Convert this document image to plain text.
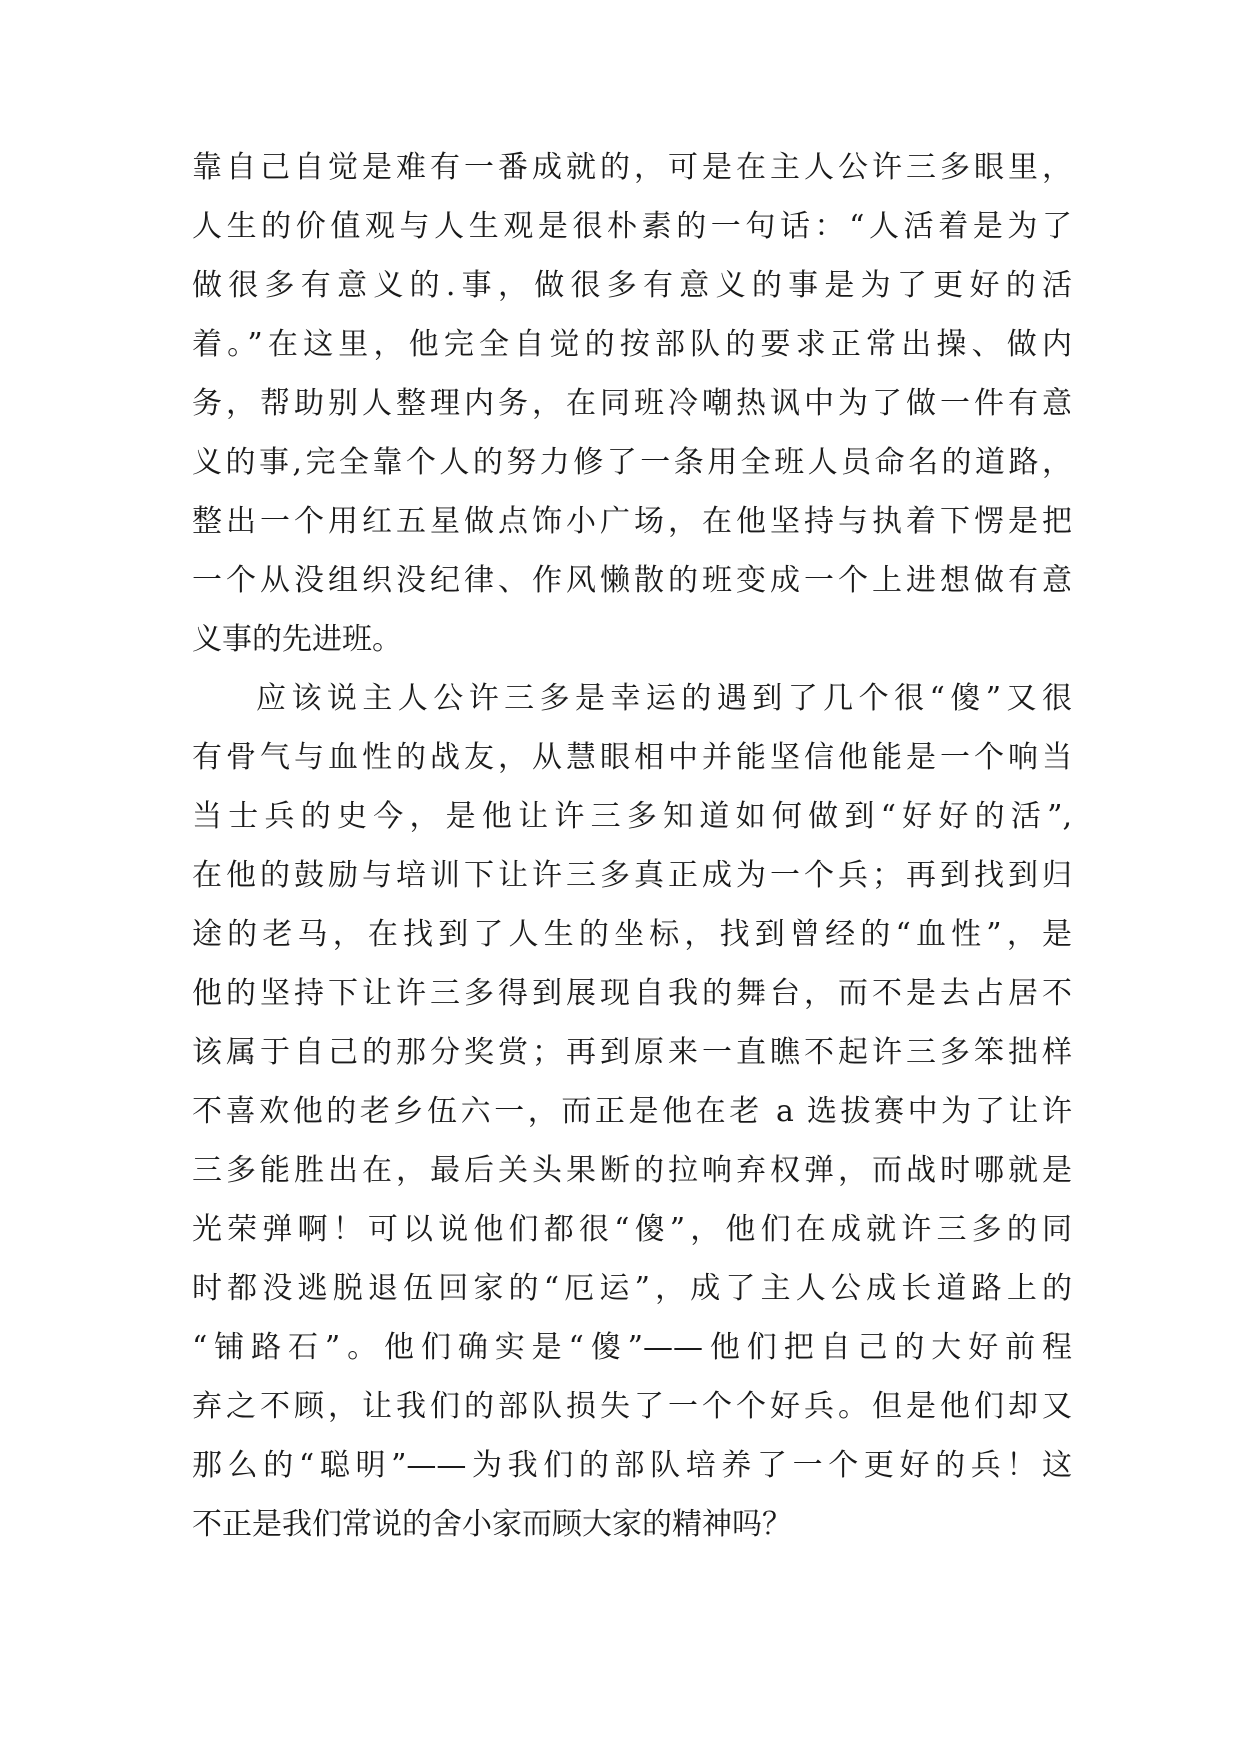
靠自己自觉是难有一番成就的，可是在主人公许三多眼里，
人生的价值观与人生观是很朴素的一句话：“人活着是为了
做很多有意义的.事，做很多有意义的事是为了更好的活
着。”在这里，他完全自觉的按部队的要求正常出操、做内
务，帮助别人整理内务，在同班冷嘲热讽中为了做一件有意
义的事,完全靠个人的努力修了一条用全班人员命名的道路，
整出一个用红五星做点饰小广场，在他坚持与执着下愣是把
一个从没组织没纪律、作风懒散的班变成一个上进想做有意
义事的先进班。
应该说主人公许三多是幸运的遇到了几个很“傻”又很
有骨气与血性的战友，从慧眼相中并能坚信他能是一个响当
当士兵的史今，是他让许三多知道如何做到“好好的活”,
在他的鼓励与培训下让许三多真正成为一个兵；再到找到归
途的老马，在找到了人生的坐标，找到曾经的“血性”，是
他的坚持下让许三多得到展现自我的舞台，而不是去占居不
该属于自己的那分奖赏；再到原来一直瞧不起许三多笨拙样
不喜欢他的老乡伍六一，而正是他在老 a 选拔赛中为了让许
三多能胜出在，最后关头果断的拉响弃权弹，而战时哪就是
光荣弹啊！可以说他们都很“傻”，他们在成就许三多的同
时都没逃脱退伍回家的“厄运”，成了主人公成长道路上的
“铺路石”。他们确实是“傻”——他们把自己的大好前程
弃之不顾，让我们的部队损失了一个个好兵。但是他们却又
那么的“聪明”——为我们的部队培养了一个更好的兵！这
不正是我们常说的舍小家而顾大家的精神吗？
